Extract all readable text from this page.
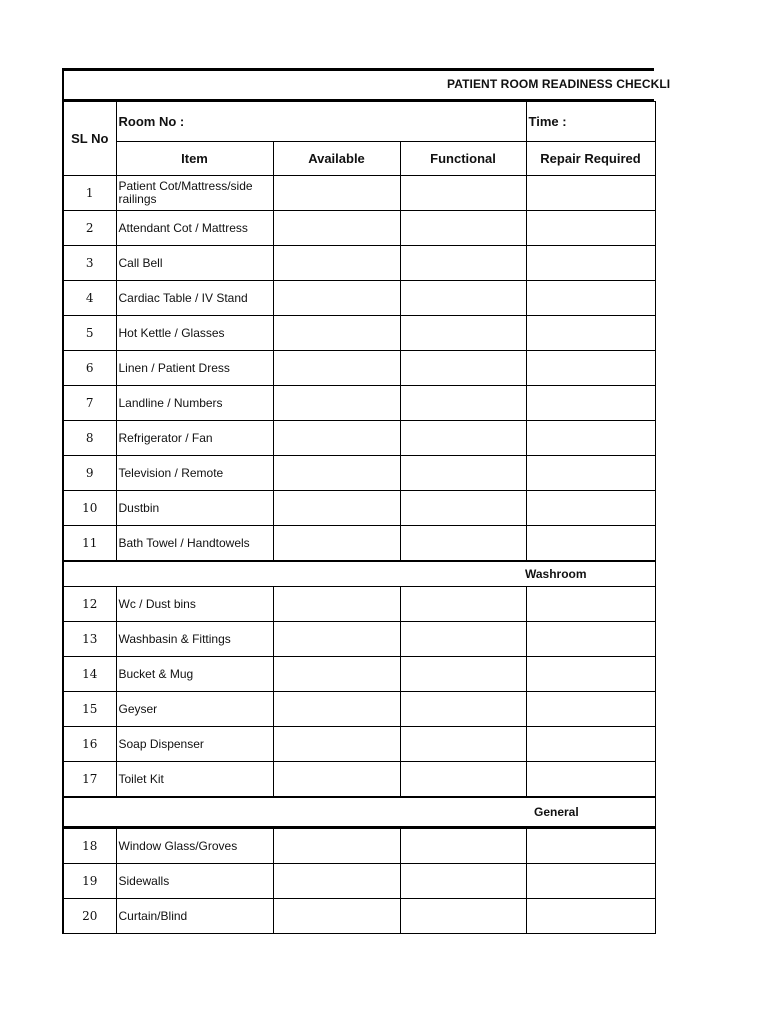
PATIENT ROOM READINESS CHECKLI
SL No	Room No :			Time :
	Item	Available	Functional	Repair Required
1	Patient Cot/Mattress/side railings			
2	Attendant Cot / Mattress			
3	Call Bell			
4	Cardiac Table / IV Stand			
5	Hot Kettle / Glasses			
6	Linen / Patient Dress			
7	Landline / Numbers			
8	Refrigerator / Fan			
9	Television / Remote			
10	Dustbin			
11	Bath Towel / Handtowels			

Washroom				

12	Wc / Dust bins			
13	Washbasin & Fittings			
14	Bucket & Mug			
15	Geyser			
16	Soap Dispenser			
17	Toilet Kit			

General				

18	Window Glass/Groves			
19	Sidewalls			
20	Curtain/Blind			
